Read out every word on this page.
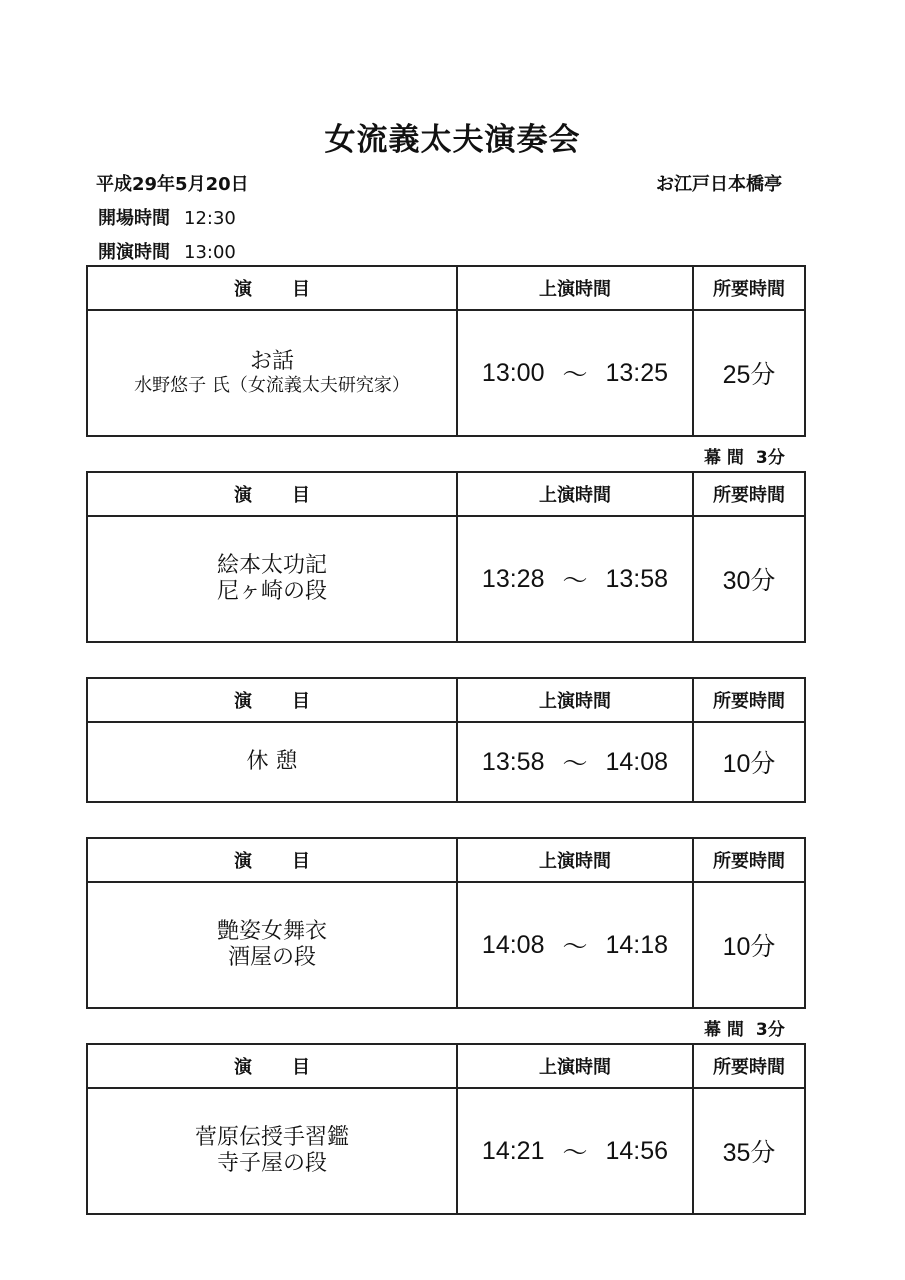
女流義太夫演奏会
平成29年5月20日	お江戸日本橋亭
開場時間 12:30
開演時間 13:00
演目	上演時間	所要時間
お話
水野悠子 氏（女流義太夫研究家）	13:00 ～ 13:25	25分
幕 間 3分
演目	上演時間	所要時間
絵本太功記
尼ヶ崎の段	13:28 ～ 13:58	30分
演目	上演時間	所要時間
休 憩	13:58 ～ 14:08	10分
演目	上演時間	所要時間
艶姿女舞衣
酒屋の段	14:08 ～ 14:18	10分
幕 間 3分
演目	上演時間	所要時間
菅原伝授手習鑑
寺子屋の段	14:21 ～ 14:56	35分
